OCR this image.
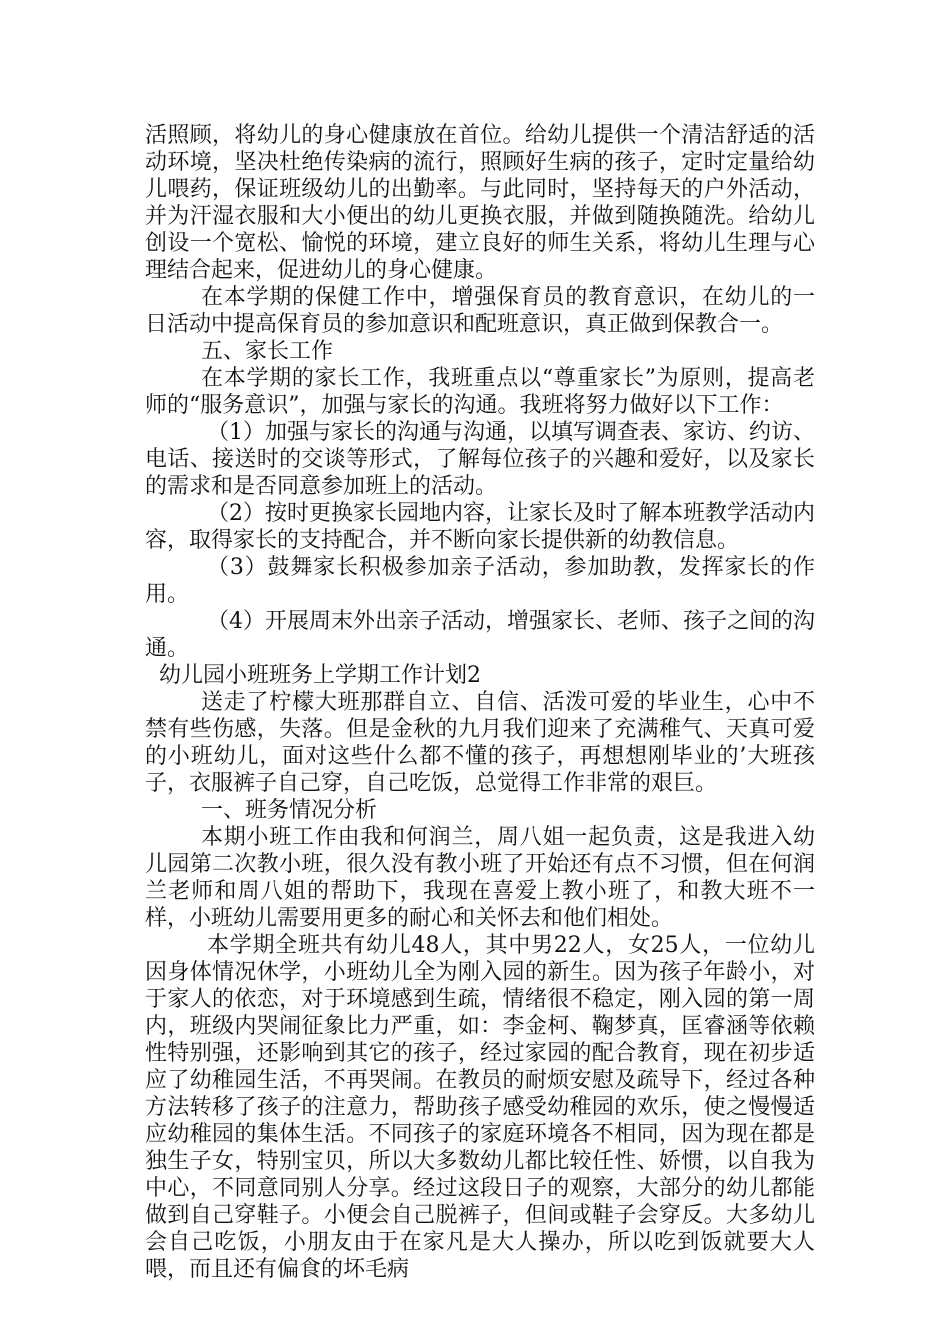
活照顾，将幼儿的身心健康放在首位。给幼儿提供一个清洁舒适的活动环境，坚决杜绝传染病的流行，照顾好生病的孩子，定时定量给幼儿喂药，保证班级幼儿的出勤率。与此同时，坚持每天的户外活动，并为汗湿衣服和大小便出的幼儿更换衣服，并做到随换随洗。给幼儿创设一个宽松、愉悦的环境，建立良好的师生关系，将幼儿生理与心理结合起来，促进幼儿的身心健康。

在本学期的保健工作中，增强保育员的教育意识，在幼儿的一日活动中提高保育员的参加意识和配班意识，真正做到保教合一。

五、家长工作

在本学期的家长工作，我班重点以“尊重家长”为原则，提高老师的“服务意识”，加强与家长的沟通。我班将努力做好以下工作：

（1）加强与家长的沟通与沟通，以填写调查表、家访、约访、电话、接送时的交谈等形式，了解每位孩子的兴趣和爱好，以及家长的需求和是否同意参加班上的活动。

（2）按时更换家长园地内容，让家长及时了解本班教学活动内容，取得家长的支持配合，并不断向家长提供新的幼教信息。

（3）鼓舞家长积极参加亲子活动，参加助教，发挥家长的作用。

（4）开展周末外出亲子活动，增强家长、老师、孩子之间的沟通。

幼儿园小班班务上学期工作计划2

送走了柠檬大班那群自立、自信、活泼可爱的毕业生，心中不禁有些伤感，失落。但是金秋的九月我们迎来了充满稚气、天真可爱的小班幼儿，面对这些什么都不懂的孩子，再想想刚毕业的’大班孩子，衣服裤子自己穿，自己吃饭，总觉得工作非常的艰巨。

一、班务情况分析

本期小班工作由我和何润兰，周八姐一起负责，这是我进入幼儿园第二次教小班，很久没有教小班了开始还有点不习惯，但在何润兰老师和周八姐的帮助下，我现在喜爱上教小班了，和教大班不一样，小班幼儿需要用更多的耐心和关怀去和他们相处。

本学期全班共有幼儿48人，其中男22人，女25人，一位幼儿因身体情况休学，小班幼儿全为刚入园的新生。因为孩子年龄小，对于家人的依恋，对于环境感到生疏，情绪很不稳定，刚入园的第一周内，班级内哭闹征象比力严重，如：李金柯、鞠梦真，匡睿涵等依赖性特别强，还影响到其它的孩子，经过家园的配合教育，现在初步适应了幼稚园生活，不再哭闹。在教员的耐烦安慰及疏导下，经过各种方法转移了孩子的注意力，帮助孩子感受幼稚园的欢乐，使之慢慢适应幼稚园的集体生活。不同孩子的家庭环境各不相同，因为现在都是独生子女，特别宝贝，所以大多数幼儿都比较任性、娇惯，以自我为中心，不同意同别人分享。经过这段日子的观察，大部分的幼儿都能做到自己穿鞋子。小便会自己脱裤子，但间或鞋子会穿反。大多幼儿会自己吃饭，小朋友由于在家凡是大人操办，所以吃到饭就要大人喂，而且还有偏食的坏毛病
